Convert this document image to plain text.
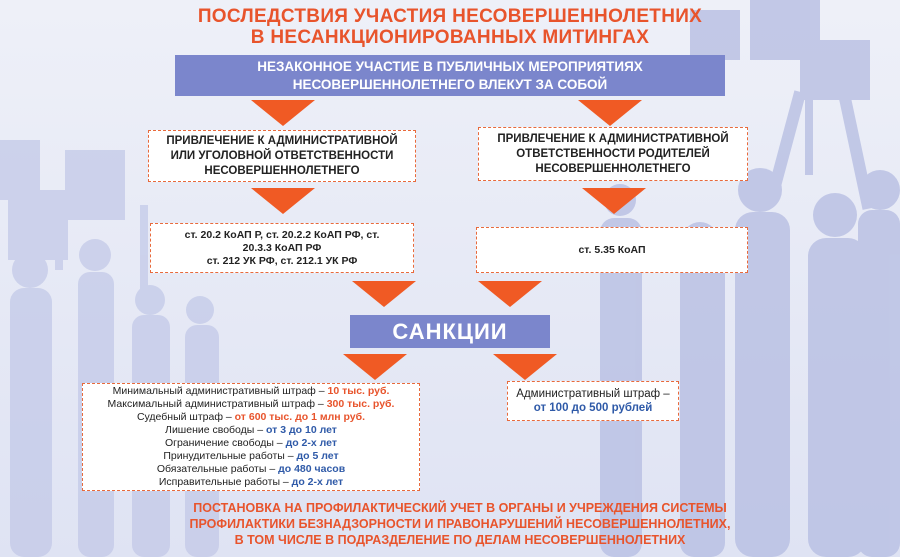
ПОСЛЕДСТВИЯ УЧАСТИЯ НЕСОВЕРШЕННОЛЕТНИХ
В НЕСАНКЦИОНИРОВАННЫХ МИТИНГАХ
НЕЗАКОННОЕ УЧАСТИЕ В ПУБЛИЧНЫХ МЕРОПРИЯТИЯХ
НЕСОВЕРШЕННОЛЕТНЕГО ВЛЕКУТ ЗА СОБОЙ
ПРИВЛЕЧЕНИЕ К АДМИНИСТРАТИВНОЙ
ИЛИ УГОЛОВНОЙ ОТВЕТСТВЕННОСТИ
НЕСОВЕРШЕННОЛЕТНЕГО
ПРИВЛЕЧЕНИЕ К АДМИНИСТРАТИВНОЙ
ОТВЕТСТВЕННОСТИ РОДИТЕЛЕЙ
НЕСОВЕРШЕННОЛЕТНЕГО
ст. 20.2 КоАП Р, ст. 20.2.2 КоАП РФ, ст.
20.3.3 КоАП РФ
ст. 212 УК РФ, ст. 212.1 УК РФ
ст. 5.35 КоАП
САНКЦИИ
Минимальный административный штраф – 10 тыс. руб.
Максимальный административный штраф – 300 тыс. руб.
Судебный штраф – от 600 тыс. до 1 млн руб.
Лишение свободы – от 3 до 10 лет
Ограничение свободы – до 2-х лет
Принудительные работы – до 5 лет
Обязательные работы – до 480 часов
Исправительные работы – до 2-х лет
Административный штраф –
от 100 до 500 рублей
ПОСТАНОВКА НА ПРОФИЛАКТИЧЕСКИЙ УЧЕТ В ОРГАНЫ И УЧРЕЖДЕНИЯ СИСТЕМЫ
ПРОФИЛАКТИКИ БЕЗНАДЗОРНОСТИ И ПРАВОНАРУШЕНИЙ НЕСОВЕРШЕННОЛЕТНИХ,
В ТОМ ЧИСЛЕ В ПОДРАЗДЕЛЕНИЕ ПО ДЕЛАМ НЕСОВЕРШЕННОЛЕТНИХ
